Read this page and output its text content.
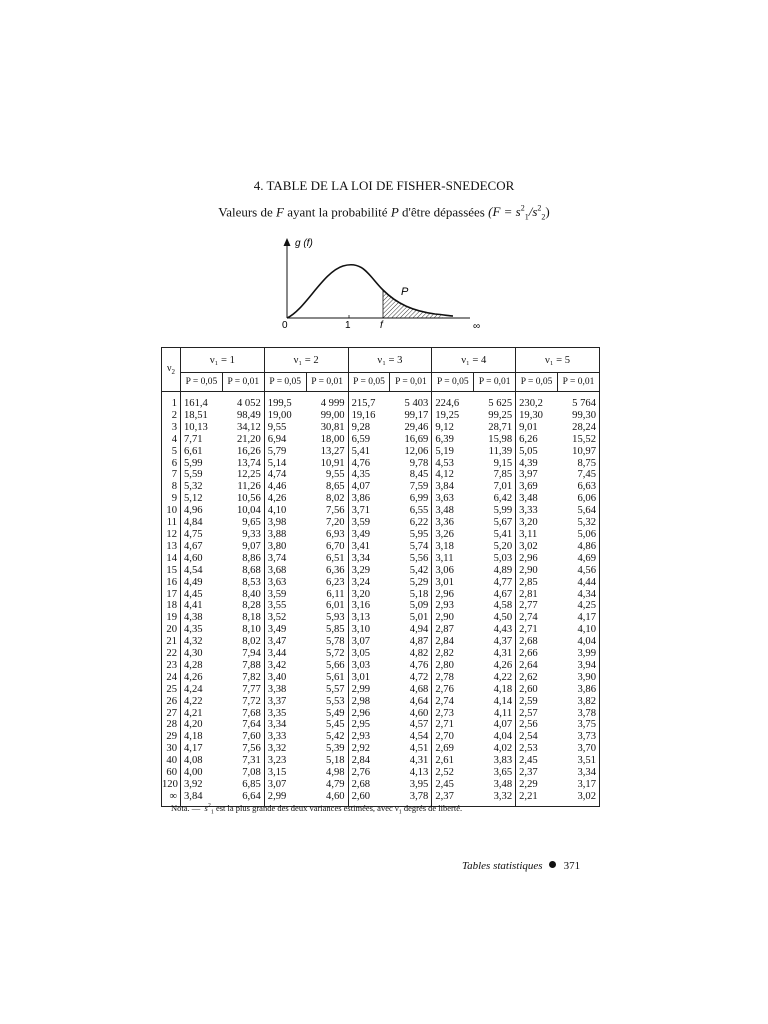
4. TABLE DE LA LOI DE FISHER-SNEDECOR
Valeurs de F ayant la probabilité P d'être dépassées $(F = s^2_1/s^2_2)$
g (f)
P
0	1	f	∞
$\nu_2$	ν₁ = 1		ν₁ = 2		ν₁ = 3		ν₁ = 4		ν₁ = 5	
	P = 0,05	P = 0,01	P = 0,05	P = 0,01	P = 0,05	P = 0,01	P = 0,05	P = 0,01	P = 0,05	P = 0,01
1	161,4	4 052	199,5	4 999	215,7	5 403	224,6	5 625	230,2	5 764
2	18,51	98,49	19,00	99,00	19,16	99,17	19,25	99,25	19,30	99,30
3	10,13	34,12	9,55	30,81	9,28	29,46	9,12	28,71	9,01	28,24
4	7,71	21,20	6,94	18,00	6,59	16,69	6,39	15,98	6,26	15,52
5	6,61	16,26	5,79	13,27	5,41	12,06	5,19	11,39	5,05	10,97
6	5,99	13,74	5,14	10,91	4,76	9,78	4,53	9,15	4,39	8,75
7	5,59	12,25	4,74	9,55	4,35	8,45	4,12	7,85	3,97	7,45
8	5,32	11,26	4,46	8,65	4,07	7,59	3,84	7,01	3,69	6,63
9	5,12	10,56	4,26	8,02	3,86	6,99	3,63	6,42	3,48	6,06
10	4,96	10,04	4,10	7,56	3,71	6,55	3,48	5,99	3,33	5,64
11	4,84	9,65	3,98	7,20	3,59	6,22	3,36	5,67	3,20	5,32
12	4,75	9,33	3,88	6,93	3,49	5,95	3,26	5,41	3,11	5,06
13	4,67	9,07	3,80	6,70	3,41	5,74	3,18	5,20	3,02	4,86
14	4,60	8,86	3,74	6,51	3,34	5,56	3,11	5,03	2,96	4,69
15	4,54	8,68	3,68	6,36	3,29	5,42	3,06	4,89	2,90	4,56
16	4,49	8,53	3,63	6,23	3,24	5,29	3,01	4,77	2,85	4,44
17	4,45	8,40	3,59	6,11	3,20	5,18	2,96	4,67	2,81	4,34
18	4,41	8,28	3,55	6,01	3,16	5,09	2,93	4,58	2,77	4,25
19	4,38	8,18	3,52	5,93	3,13	5,01	2,90	4,50	2,74	4,17
20	4,35	8,10	3,49	5,85	3,10	4,94	2,87	4,43	2,71	4,10
21	4,32	8,02	3,47	5,78	3,07	4,87	2,84	4,37	2,68	4,04
22	4,30	7,94	3,44	5,72	3,05	4,82	2,82	4,31	2,66	3,99
23	4,28	7,88	3,42	5,66	3,03	4,76	2,80	4,26	2,64	3,94
24	4,26	7,82	3,40	5,61	3,01	4,72	2,78	4,22	2,62	3,90
25	4,24	7,77	3,38	5,57	2,99	4,68	2,76	4,18	2,60	3,86
26	4,22	7,72	3,37	5,53	2,98	4,64	2,74	4,14	2,59	3,82
27	4,21	7,68	3,35	5,49	2,96	4,60	2,73	4,11	2,57	3,78
28	4,20	7,64	3,34	5,45	2,95	4,57	2,71	4,07	2,56	3,75
29	4,18	7,60	3,33	5,42	2,93	4,54	2,70	4,04	2,54	3,73
30	4,17	7,56	3,32	5,39	2,92	4,51	2,69	4,02	2,53	3,70
40	4,08	7,31	3,23	5,18	2,84	4,31	2,61	3,83	2,45	3,51
60	4,00	7,08	3,15	4,98	2,76	4,13	2,52	3,65	2,37	3,34
120	3,92	6,85	3,07	4,79	2,68	3,95	2,45	3,48	2,29	3,17
∞	3,84	6,64	2,99	4,60	2,60	3,78	2,37	3,32	2,21	3,02
Nota. — $s^2_1$ est la plus grande des deux variances estimées, avec $\nu_1$ degrés de liberté.
Tables statistiques 371
